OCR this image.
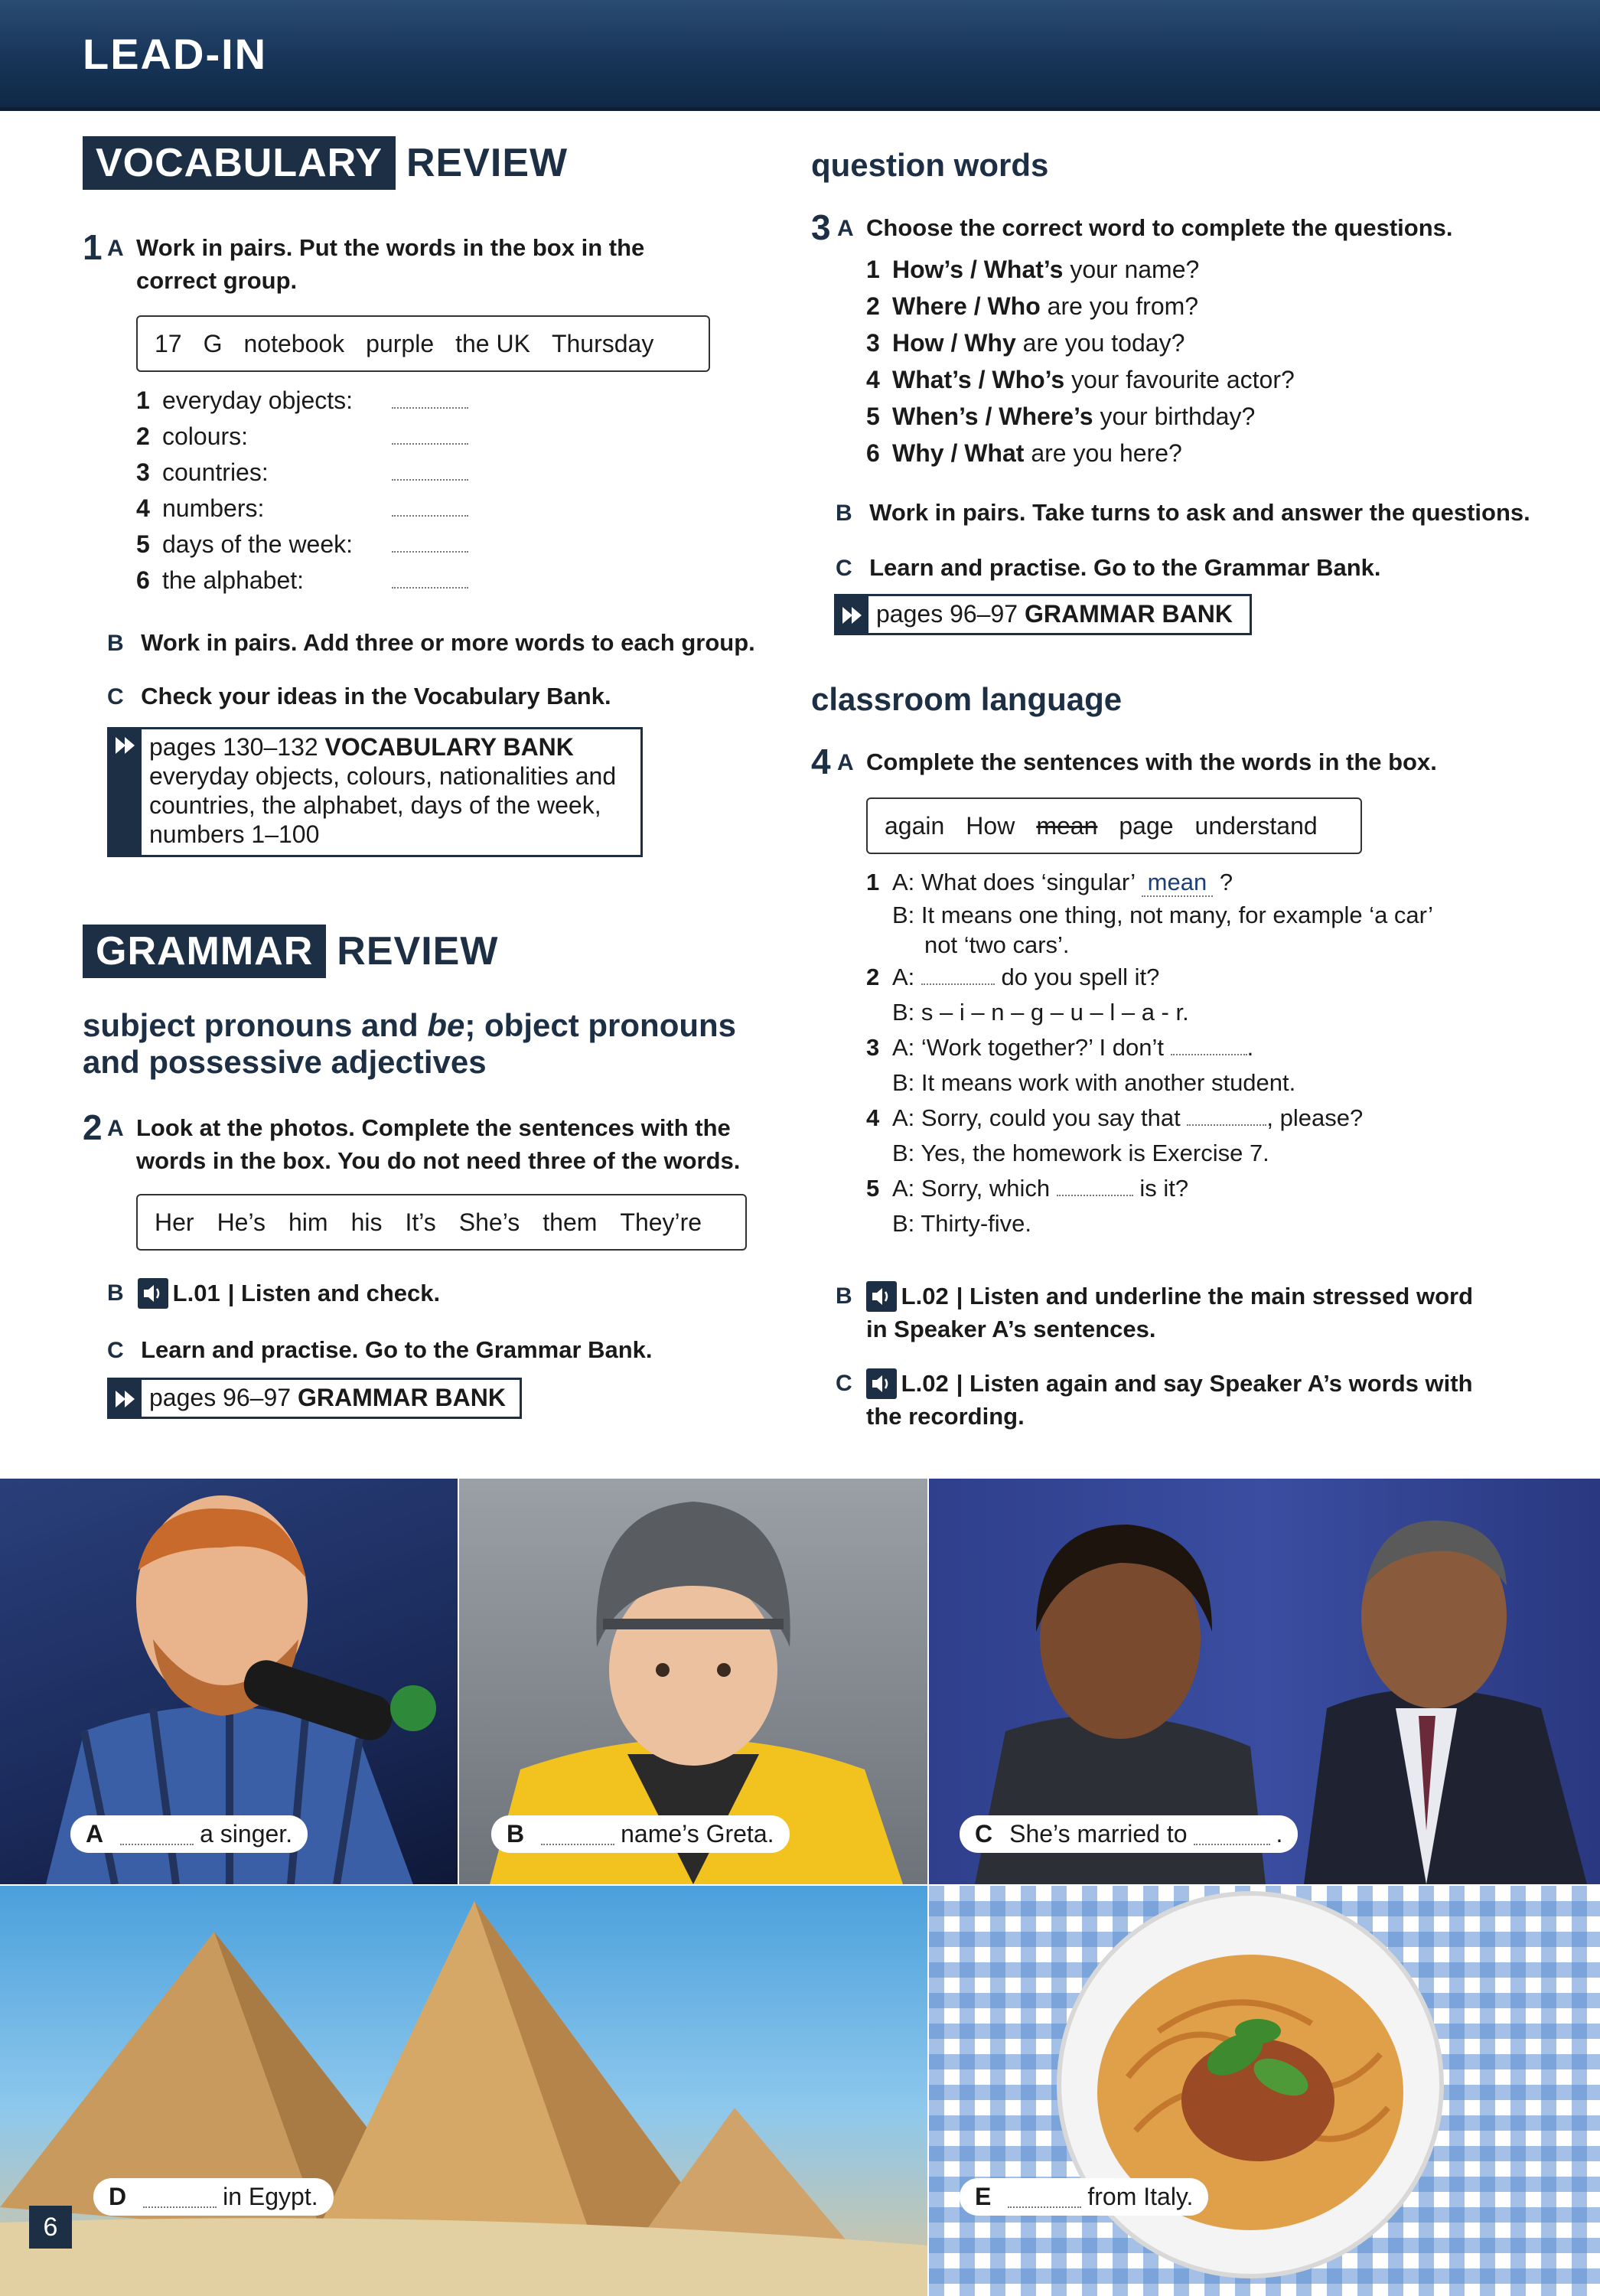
LEAD-IN
VOCABULARY REVIEW
1 A Work in pairs. Put the words in the box in the
correct group.
17 G notebook purple the UK Thursday
1 everyday objects:
2 colours:
3 countries:
4 numbers:
5 days of the week:
6 the alphabet:
B Work in pairs. Add three or more words to each group.
C Check your ideas in the Vocabulary Bank.
pages 130–132 VOCABULARY BANK
everyday objects, colours, nationalities and
countries, the alphabet, days of the week,
numbers 1–100
GRAMMAR REVIEW
subject pronouns and be; object pronouns
and possessive adjectives
2 A Look at the photos. Complete the sentences with the
words in the box. You do not need three of the words.
Her He’s him his It’s She’s them They’re
B L.01 | Listen and check.
C Learn and practise. Go to the Grammar Bank.
pages 96–97 GRAMMAR BANK
question words
3 A Choose the correct word to complete the questions.
1 How’s / What’s your name?
2 Where / Who are you from?
3 How / Why are you today?
4 What’s / Who’s your favourite actor?
5 When’s / Where’s your birthday?
6 Why / What are you here?
B Work in pairs. Take turns to ask and answer the questions.
C Learn and practise. Go to the Grammar Bank.
pages 96–97 GRAMMAR BANK
classroom language
4 A Complete the sentences with the words in the box.
again How mean page understand
1 A: What does ‘singular’ mean ?
B: It means one thing, not many, for example ‘a car’
not ‘two cars’.
2 A:	do you spell it?
B: s – i – n – g – u – l – a - r.
3 A: ‘Work together?’ I don’t	.
B: It means work with another student.
4 A: Sorry, could you say that	, please?
B: Yes, the homework is Exercise 7.
5 A: Sorry, which	is it?
B: Thirty-five.
B L.02 | Listen and underline the main stressed word
in Speaker A’s sentences.
C L.02 | Listen again and say Speaker A’s words with
the recording.
A	a singer.	B	name’s Greta.	C She’s married to	.
D	in Egypt.	E	from Italy.
6
